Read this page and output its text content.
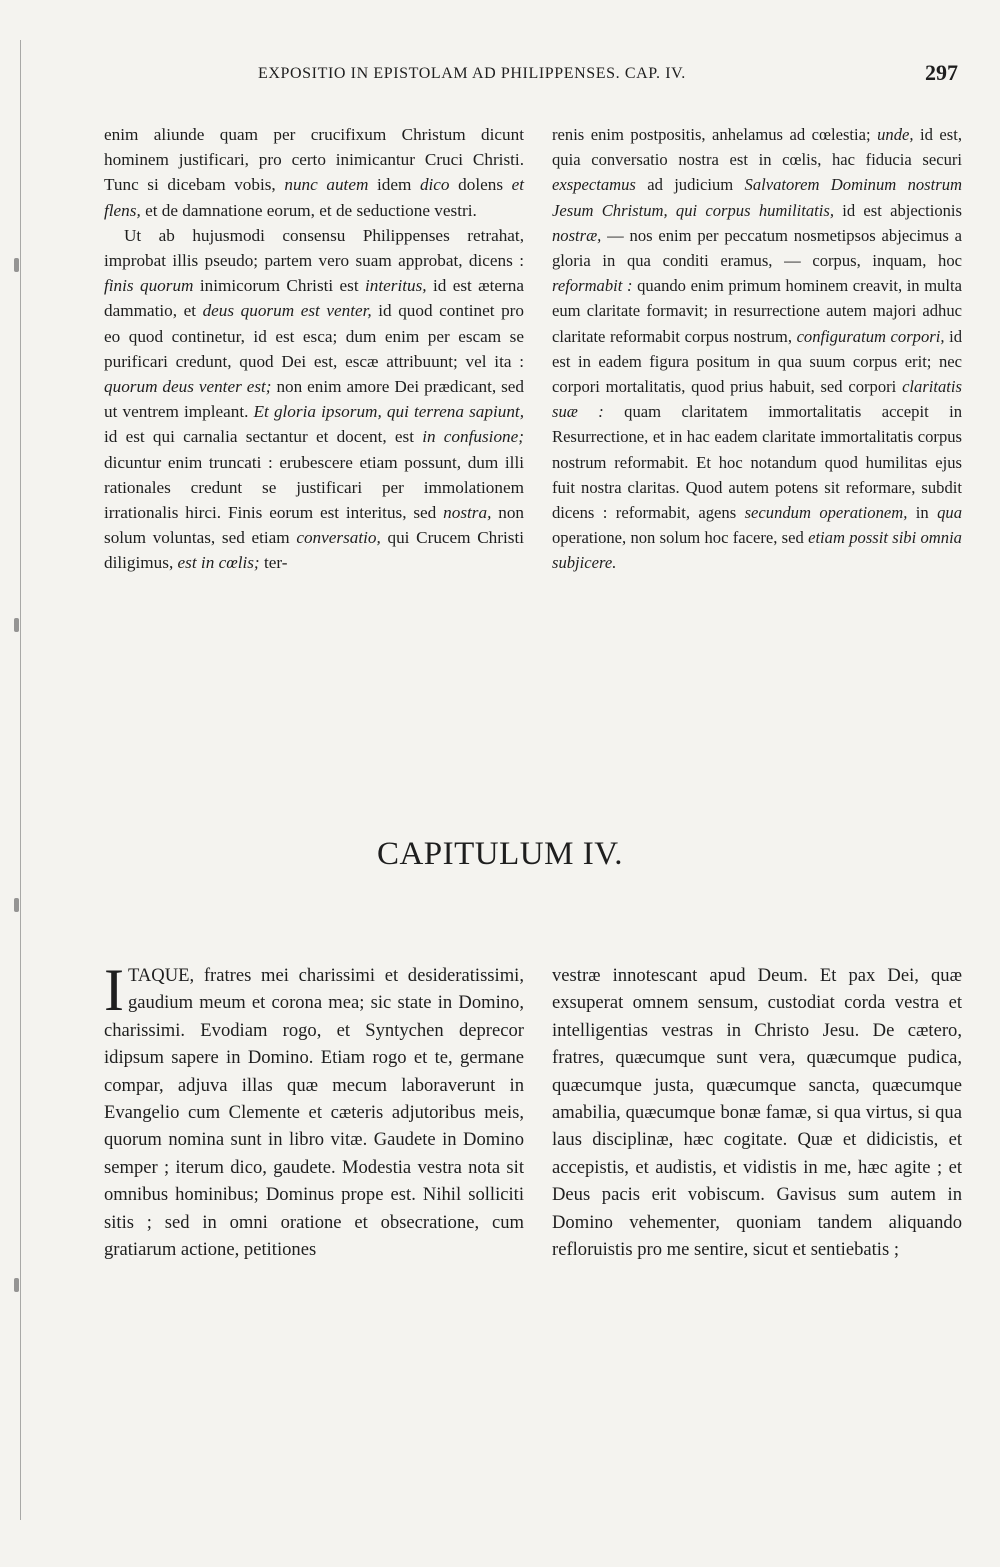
EXPOSITIO IN EPISTOLAM AD PHILIPPENSES. CAP. IV.	297

enim aliunde quam per crucifixum Christum dicunt hominem justificari, pro certo inimicantur Cruci Christi. Tunc si dicebam vobis, nunc autem idem dico dolens et flens, et de damnatione eorum, et de seductione vestri.

Ut ab hujusmodi consensu Philippenses retrahat, improbat illis pseudo; partem vero suam approbat, dicens : finis quorum inimicorum Christi est interitus, id est æterna dammatio, et deus quorum est venter, id quod continet pro eo quod continetur, id est esca; dum enim per escam se purificari credunt, quod Dei est, escæ attribuunt; vel ita : quorum deus venter est; non enim amore Dei prædicant, sed ut ventrem impleant. Et gloria ipsorum, qui terrena sapiunt, id est qui carnalia sectantur et docent, est in confusione; dicuntur enim truncati : erubescere etiam possunt, dum illi rationales credunt se justificari per immolationem irrationalis hirci. Finis eorum est interitus, sed nostra, non solum voluntas, sed etiam conversatio, qui Crucem Christi diligimus, est in cœlis; ter-

renis enim postpositis, anhelamus ad cœlestia; unde, id est, quia conversatio nostra est in cœlis, hac fiducia securi exspectamus ad judicium Salvatorem Dominum nostrum Jesum Christum, qui corpus humilitatis, id est abjectionis nostræ, — nos enim per peccatum nosmetipsos abjecimus a gloria in qua conditi eramus, — corpus, inquam, hoc reformabit : quando enim primum hominem creavit, in multa eum claritate formavit; in resurrectione autem majori adhuc claritate reformabit corpus nostrum, configuratum corpori, id est in eadem figura positum in qua suum corpus erit; nec corpori mortalitatis, quod prius habuit, sed corpori claritatis suæ : quam claritatem immortalitatis accepit in Resurrectione, et in hac eadem claritate immortalitatis corpus nostrum reformabit. Et hoc notandum quod humilitas ejus fuit nostra claritas. Quod autem potens sit reformare, subdit dicens : reformabit, agens secundum operationem, in qua operatione, non solum hoc facere, sed etiam possit sibi omnia subjicere.

CAPITULUM IV.

ITAQUE, fratres mei charissimi et desideratissimi, gaudium meum et corona mea; sic state in Domino, charissimi. Evodiam rogo, et Syntychen deprecor idipsum sapere in Domino. Etiam rogo et te, germane compar, adjuva illas quæ mecum laboraverunt in Evangelio cum Clemente et cæteris adjutoribus meis, quorum nomina sunt in libro vitæ. Gaudete in Domino semper ; iterum dico, gaudete. Modestia vestra nota sit omnibus hominibus; Dominus prope est. Nihil solliciti sitis ; sed in omni oratione et obsecratione, cum gratiarum actione, petitiones

vestræ innotescant apud Deum. Et pax Dei, quæ exsuperat omnem sensum, custodiat corda vestra et intelligentias vestras in Christo Jesu. De cætero, fratres, quæcumque sunt vera, quæcumque pudica, quæcumque justa, quæcumque sancta, quæcumque amabilia, quæcumque bonæ famæ, si qua virtus, si qua laus disciplinæ, hæc cogitate. Quæ et didicistis, et accepistis, et audistis, et vidistis in me, hæc agite ; et Deus pacis erit vobiscum. Gavisus sum autem in Domino vehementer, quoniam tandem aliquando refloruistis pro me sentire, sicut et sentiebatis ;
